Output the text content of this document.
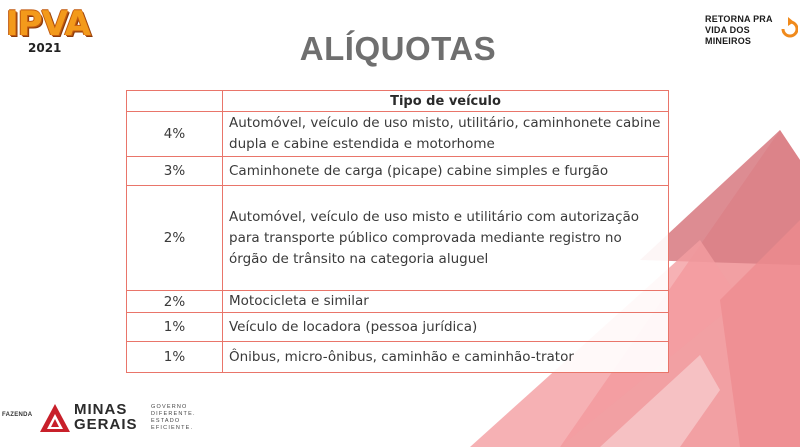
IPVA
2021
RETORNA PRA
VIDA DOS MINEIROS
ALÍQUOTAS
	Tipo de veículo
4%	Automóvel, veículo de uso misto, utilitário, caminhonete cabine dupla e cabine estendida e motorhome
3%	Caminhonete de carga (picape) cabine simples e furgão
2%	Automóvel, veículo de uso misto e utilitário com autorização para transporte público comprovada mediante registro no órgão de trânsito na categoria aluguel
2%	Motocicleta e similar
1%	Veículo de locadora (pessoa jurídica)
1%	Ônibus, micro-ônibus, caminhão e caminhão-trator
FAZENDA	MINAS
GERAIS
GOVERNO
DIFERENTE.
ESTADO
EFICIENTE.
